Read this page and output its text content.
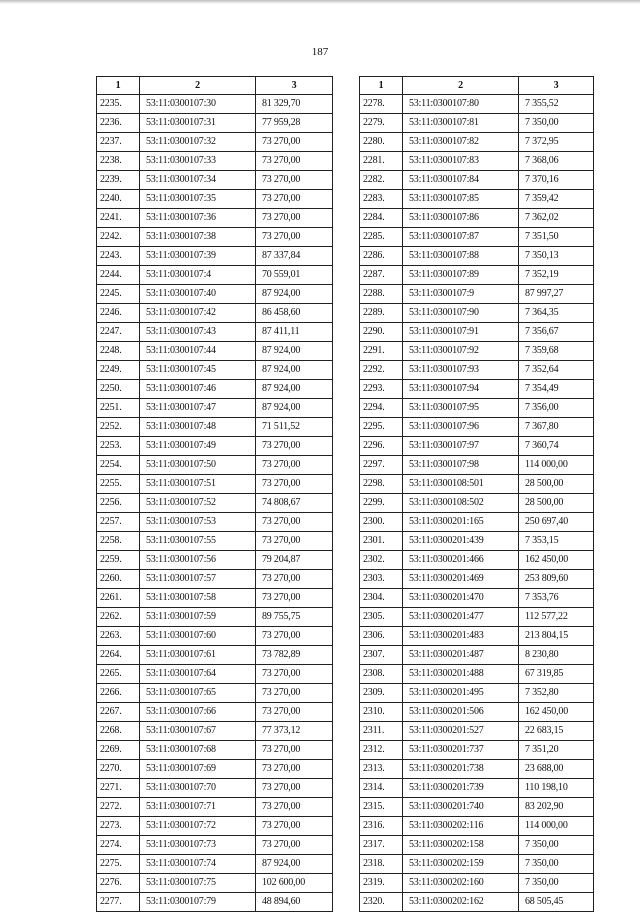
187
1	2	3
2235.	53:11:0300107:30	81 329,70
2236.	53:11:0300107:31	77 959,28
2237.	53:11:0300107:32	73 270,00
2238.	53:11:0300107:33	73 270,00
2239.	53:11:0300107:34	73 270,00
2240.	53:11:0300107:35	73 270,00
2241.	53:11:0300107:36	73 270,00
2242.	53:11:0300107:38	73 270,00
2243.	53:11:0300107:39	87 337,84
2244.	53:11:0300107:4	70 559,01
2245.	53:11:0300107:40	87 924,00
2246.	53:11:0300107:42	86 458,60
2247.	53:11:0300107:43	87 411,11
2248.	53:11:0300107:44	87 924,00
2249.	53:11:0300107:45	87 924,00
2250.	53:11:0300107:46	87 924,00
2251.	53:11:0300107:47	87 924,00
2252.	53:11:0300107:48	71 511,52
2253.	53:11:0300107:49	73 270,00
2254.	53:11:0300107:50	73 270,00
2255.	53:11:0300107:51	73 270,00
2256.	53:11:0300107:52	74 808,67
2257.	53:11:0300107:53	73 270,00
2258.	53:11:0300107:55	73 270,00
2259.	53:11:0300107:56	79 204,87
2260.	53:11:0300107:57	73 270,00
2261.	53:11:0300107:58	73 270,00
2262.	53:11:0300107:59	89 755,75
2263.	53:11:0300107:60	73 270,00
2264.	53:11:0300107:61	73 782,89
2265.	53:11:0300107:64	73 270,00
2266.	53:11:0300107:65	73 270,00
2267.	53:11:0300107:66	73 270,00
2268.	53:11:0300107:67	77 373,12
2269.	53:11:0300107:68	73 270,00
2270.	53:11:0300107:69	73 270,00
2271.	53:11:0300107:70	73 270,00
2272.	53:11:0300107:71	73 270,00
2273.	53:11:0300107:72	73 270,00
2274.	53:11:0300107:73	73 270,00
2275.	53:11:0300107:74	87 924,00
2276.	53:11:0300107:75	102 600,00
2277.	53:11:0300107:79	48 894,60
1	2	3
2278.	53:11:0300107:80	7 355,52
2279.	53:11:0300107:81	7 350,00
2280.	53:11:0300107:82	7 372,95
2281.	53:11:0300107:83	7 368,06
2282.	53:11:0300107:84	7 370,16
2283.	53:11:0300107:85	7 359,42
2284.	53:11:0300107:86	7 362,02
2285.	53:11:0300107:87	7 351,50
2286.	53:11:0300107:88	7 350,13
2287.	53:11:0300107:89	7 352,19
2288.	53:11:0300107:9	87 997,27
2289.	53:11:0300107:90	7 364,35
2290.	53:11:0300107:91	7 356,67
2291.	53:11:0300107:92	7 359,68
2292.	53:11:0300107:93	7 352,64
2293.	53:11:0300107:94	7 354,49
2294.	53:11:0300107:95	7 356,00
2295.	53:11:0300107:96	7 367,80
2296.	53:11:0300107:97	7 360,74
2297.	53:11:0300107:98	114 000,00
2298.	53:11:0300108:501	28 500,00
2299.	53:11:0300108:502	28 500,00
2300.	53:11:0300201:165	250 697,40
2301.	53:11:0300201:439	7 353,15
2302.	53:11:0300201:466	162 450,00
2303.	53:11:0300201:469	253 809,60
2304.	53:11:0300201:470	7 353,76
2305.	53:11:0300201:477	112 577,22
2306.	53:11:0300201:483	213 804,15
2307.	53:11:0300201:487	8 230,80
2308.	53:11:0300201:488	67 319,85
2309.	53:11:0300201:495	7 352,80
2310.	53:11:0300201:506	162 450,00
2311.	53:11:0300201:527	22 683,15
2312.	53:11:0300201:737	7 351,20
2313.	53:11:0300201:738	23 688,00
2314.	53:11:0300201:739	110 198,10
2315.	53:11:0300201:740	83 202,90
2316.	53:11:0300202:116	114 000,00
2317.	53:11:0300202:158	7 350,00
2318.	53:11:0300202:159	7 350,00
2319.	53:11:0300202:160	7 350,00
2320.	53:11:0300202:162	68 505,45
